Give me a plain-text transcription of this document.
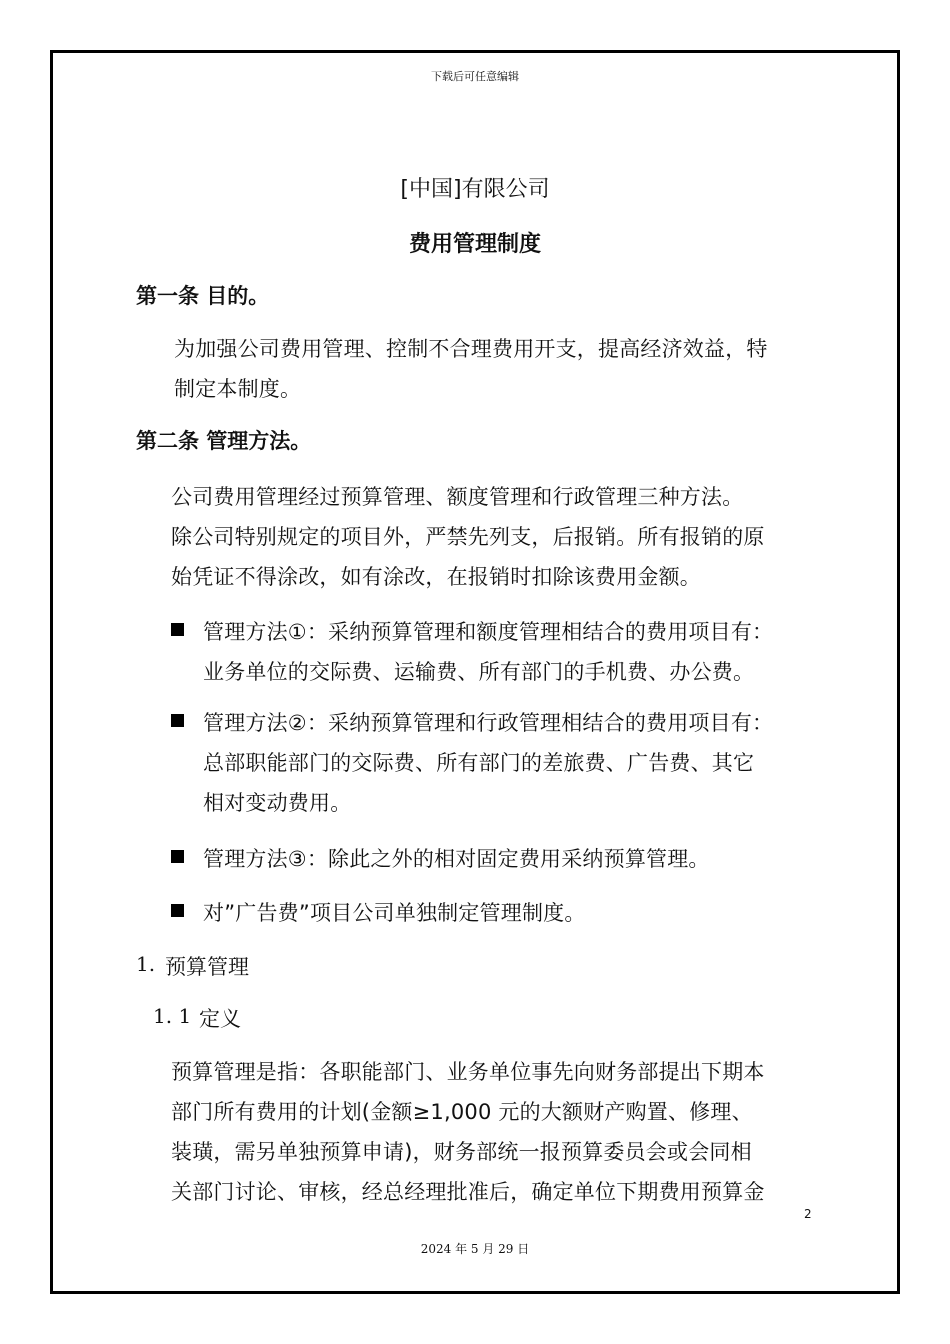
下载后可任意编辑
[中国]有限公司
费用管理制度
第一条 目的。
为加强公司费用管理、控制不合理费用开支，提高经济效益，特
制定本制度。
第二条 管理方法。
公司费用管理经过预算管理、额度管理和行政管理三种方法。
除公司特别规定的项目外，严禁先列支，后报销。所有报销的原
始凭证不得涂改，如有涂改，在报销时扣除该费用金额。
管理方法①：采纳预算管理和额度管理相结合的费用项目有：
业务单位的交际费、运输费、所有部门的手机费、办公费。
管理方法②：采纳预算管理和行政管理相结合的费用项目有：
总部职能部门的交际费、所有部门的差旅费、广告费、其它
相对变动费用。
管理方法③：除此之外的相对固定费用采纳预算管理。
对”广告费”项目公司单独制定管理制度。
1. 预算管理
1. 1 定义
预算管理是指：各职能部门、业务单位事先向财务部提出下期本
部门所有费用的计划(金额≥1,000 元的大额财产购置、修理、
装璜，需另单独预算申请)，财务部统一报预算委员会或会同相
关部门讨论、审核，经总经理批准后，确定单位下期费用预算金
2
2024 年 5 月 29 日
